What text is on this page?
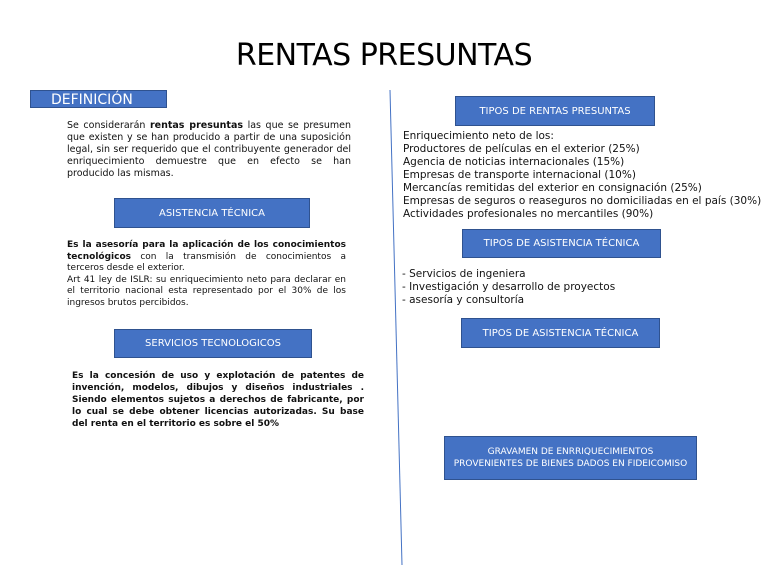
RENTAS PRESUNTAS
DEFINICIÓN
Se considerarán rentas presuntas las que se presumen que existen y se han producido a partir de una suposición legal, sin ser requerido que el contribuyente generador del enriquecimiento demuestre que en efecto se han producido las mismas.
ASISTENCIA TÉCNICA
Es la asesoría para la aplicación de los conocimientos tecnológicos con la transmisión de conocimientos a terceros desde el exterior.
Art 41 ley de ISLR: su enriquecimiento neto para declarar en el territorio nacional esta representado por el 30% de los ingresos brutos percibidos.
SERVICIOS TECNOLOGICOS
Es la concesión de uso y explotación de patentes de invención, modelos, dibujos y diseños industriales . Siendo elementos sujetos a derechos de fabricante, por lo cual se debe obtener licencias autorizadas. Su base del renta en el territorio es sobre el 50%
TIPOS DE RENTAS PRESUNTAS
Enriquecimiento neto de los:
Productores de películas en el exterior (25%)
Agencia de noticias internacionales (15%)
Empresas de transporte internacional (10%)
Mercancías remitidas del exterior en consignación (25%)
Empresas de seguros o reaseguros no domiciliadas en el país (30%)
Actividades profesionales no mercantiles (90%)
TIPOS DE ASISTENCIA TÉCNICA
- Servicios de ingeniera
- Investigación y desarrollo de proyectos
- asesoría y consultoría
TIPOS DE ASISTENCIA TÉCNICA
GRAVAMEN DE ENRRIQUECIMIENTOS
PROVENIENTES DE BIENES DADOS EN FIDEICOMISO
